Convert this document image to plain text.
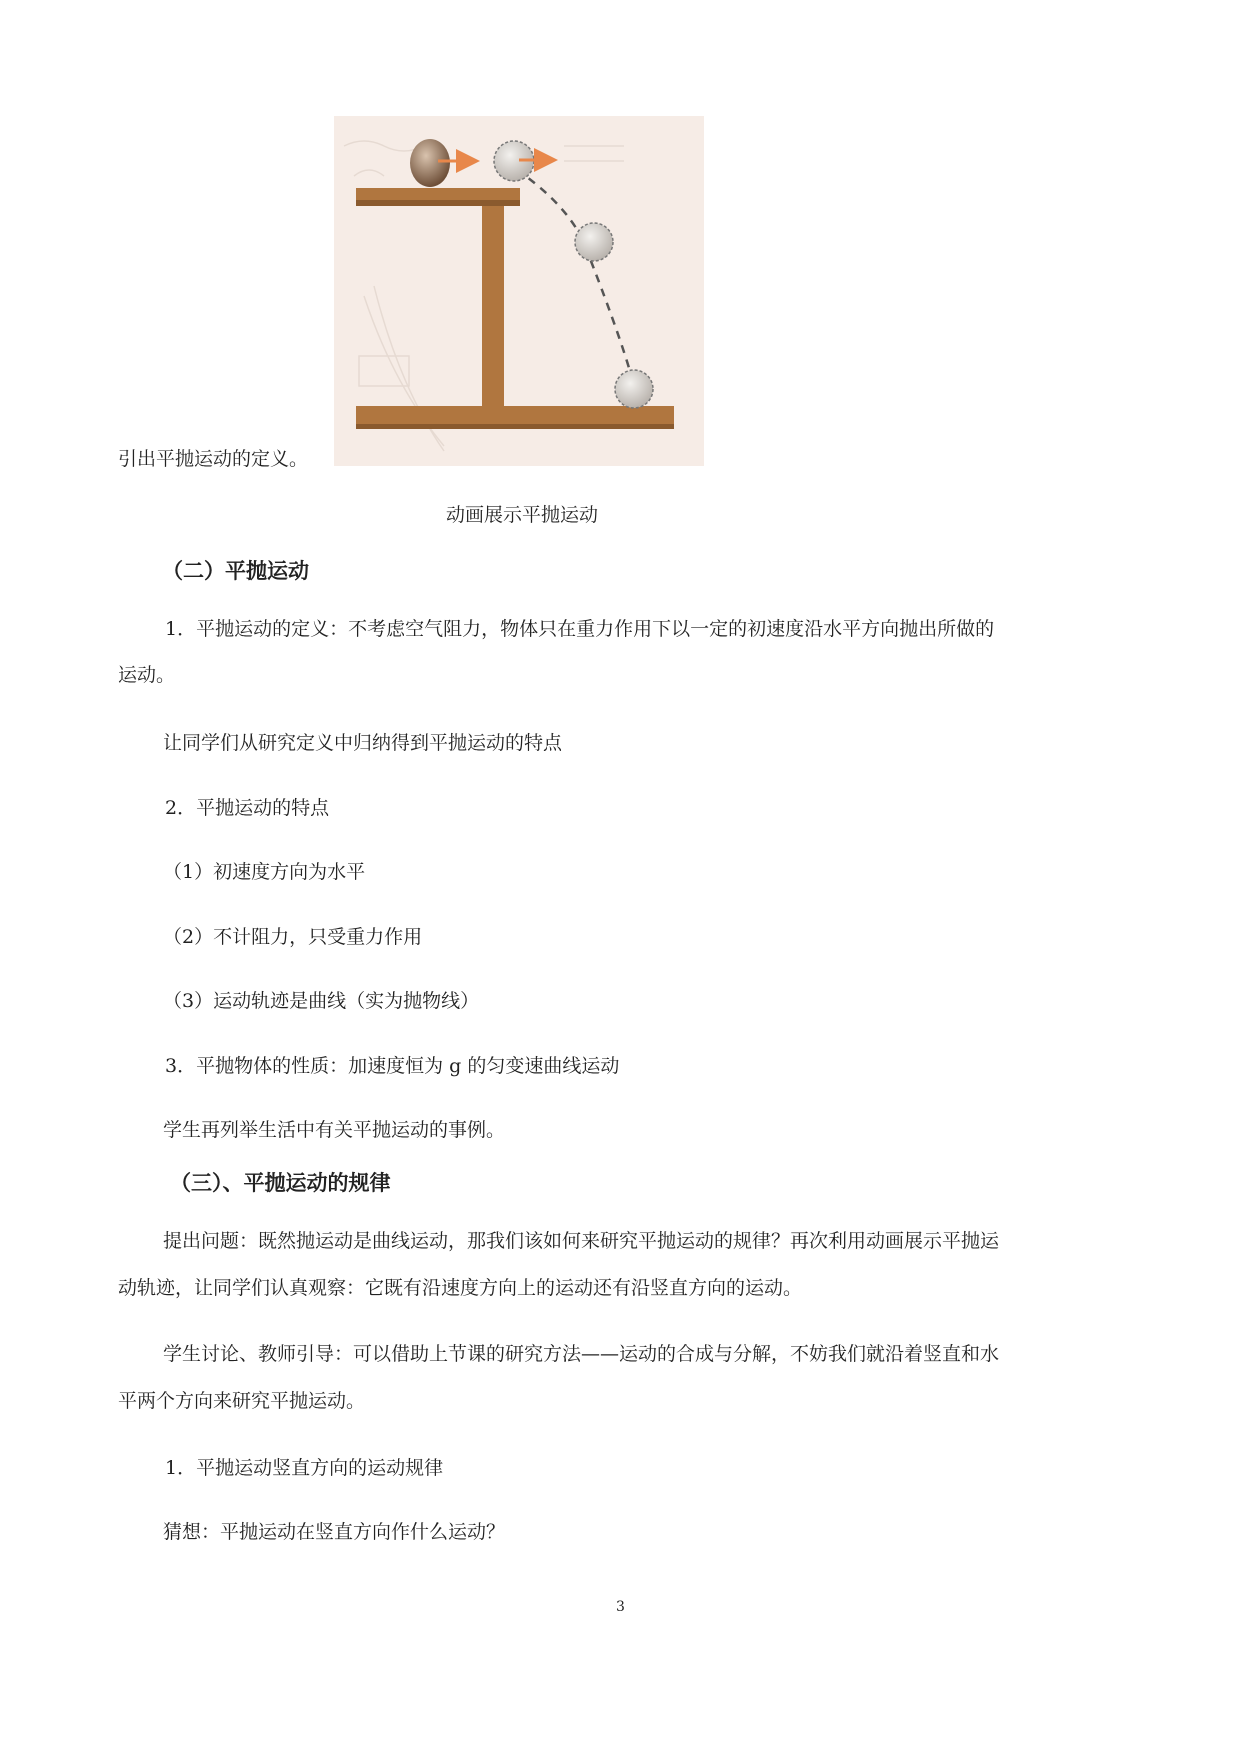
引出平抛运动的定义。
动画展示平抛运动
（二）平抛运动
1．平抛运动的定义：不考虑空气阻力，物体只在重力作用下以一定的初速度沿水平方向抛出所做的
运动。
让同学们从研究定义中归纳得到平抛运动的特点
2．平抛运动的特点
（1）初速度方向为水平
（2）不计阻力，只受重力作用
（3）运动轨迹是曲线（实为抛物线）
3．平抛物体的性质：加速度恒为 g 的匀变速曲线运动
学生再列举生活中有关平抛运动的事例。
（三）、平抛运动的规律
提出问题：既然抛运动是曲线运动，那我们该如何来研究平抛运动的规律？再次利用动画展示平抛运
动轨迹，让同学们认真观察：它既有沿速度方向上的运动还有沿竖直方向的运动。
学生讨论、教师引导：可以借助上节课的研究方法——运动的合成与分解，不妨我们就沿着竖直和水
平两个方向来研究平抛运动。
1．平抛运动竖直方向的运动规律
猜想：平抛运动在竖直方向作什么运动？
3
